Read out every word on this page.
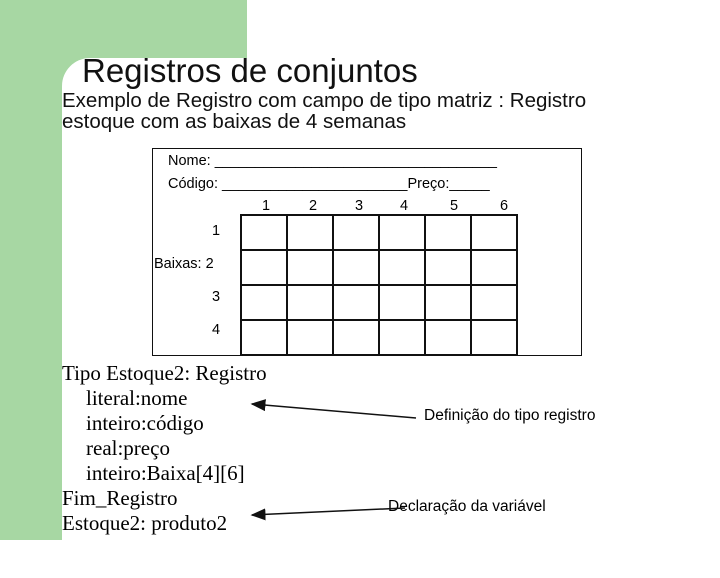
Registros de conjuntos
Exemplo de Registro com campo de tipo matriz : Registro
estoque com as baixas de 4 semanas
Nome: ___________________________________
Código: _______________________Preço:_____
1	2	3	4	5	6
1
Baixas: 2
3
4

Tipo Estoque2: Registro
literal:nome
inteiro:código
real:preço
inteiro:Baixa[4][6]
Fim_Registro
Estoque2: produto2
Definição do tipo registro
Declaração da variável
